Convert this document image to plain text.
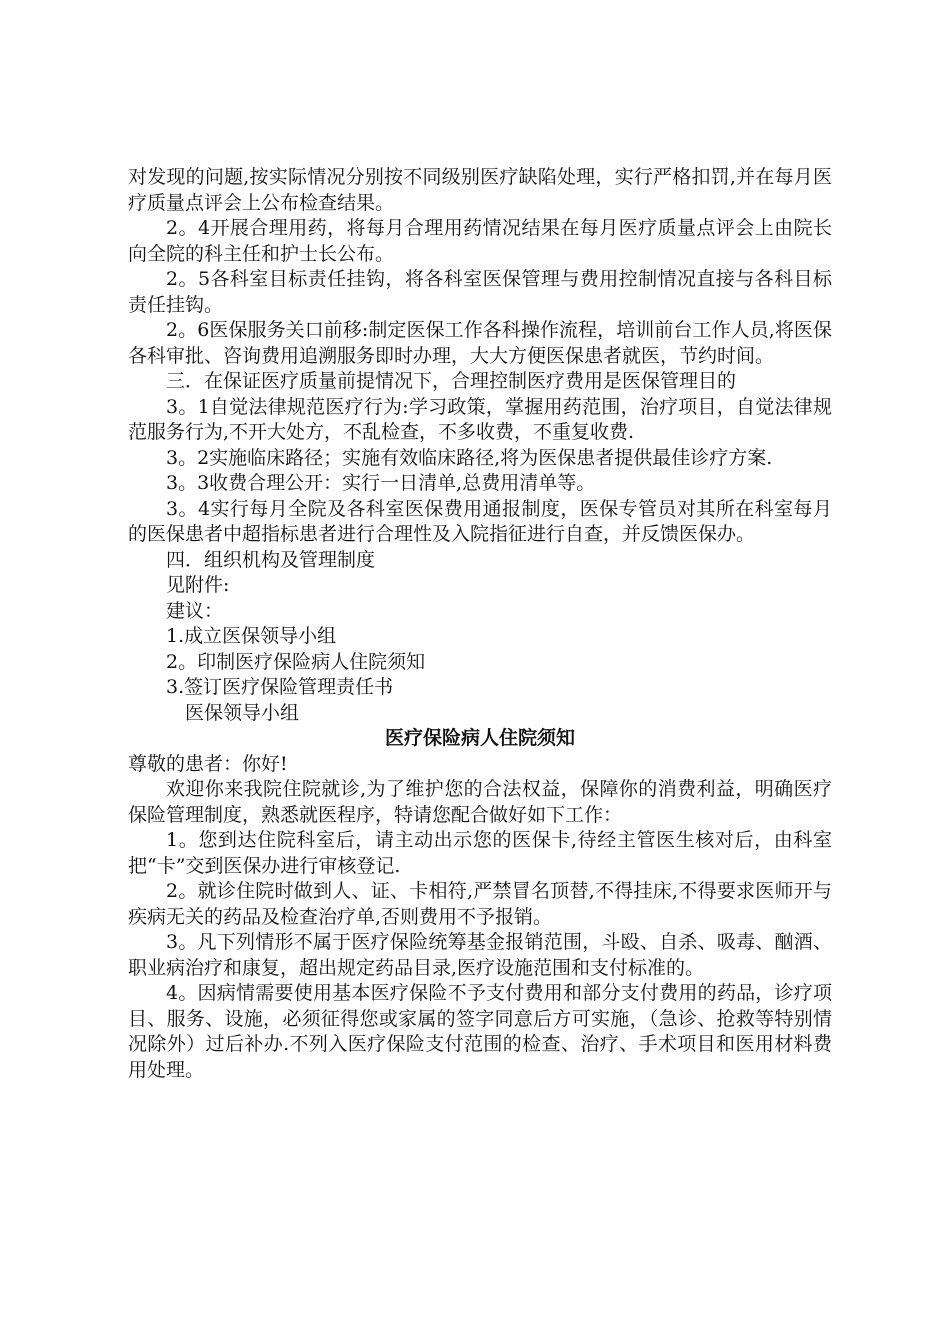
对发现的问题,按实际情况分别按不同级别医疗缺陷处理，实行严格扣罚,并在每月医疗质量点评会上公布检查结果。

2。4开展合理用药，将每月合理用药情况结果在每月医疗质量点评会上由院长向全院的科主任和护士长公布。

2。5各科室目标责任挂钩，将各科室医保管理与费用控制情况直接与各科目标责任挂钩。

2。6医保服务关口前移:制定医保工作各科操作流程，培训前台工作人员,将医保各科审批、咨询费用追溯服务即时办理，大大方便医保患者就医，节约时间。

三．在保证医疗质量前提情况下，合理控制医疗费用是医保管理目的

3。1自觉法律规范医疗行为:学习政策，掌握用药范围，治疗项目，自觉法律规范服务行为,不开大处方，不乱检查，不多收费，不重复收费.

3。2实施临床路径；实施有效临床路径,将为医保患者提供最佳诊疗方案.

3。3收费合理公开：实行一日清单,总费用清单等。

3。4实行每月全院及各科室医保费用通报制度，医保专管员对其所在科室每月的医保患者中超指标患者进行合理性及入院指征进行自查，并反馈医保办。

四．组织机构及管理制度

见附件:

建议：

1.成立医保领导小组

2。印制医疗保险病人住院须知

3.签订医疗保险管理责任书

医保领导小组

医疗保险病人住院须知

尊敬的患者：你好!

欢迎你来我院住院就诊,为了维护您的合法权益，保障你的消费利益，明确医疗保险管理制度，熟悉就医程序，特请您配合做好如下工作：

1。您到达住院科室后，请主动出示您的医保卡,待经主管医生核对后，由科室把“卡”交到医保办进行审核登记.

2。就诊住院时做到人、证、卡相符,严禁冒名顶替,不得挂床,不得要求医师开与疾病无关的药品及检查治疗单,否则费用不予报销。

3。凡下列情形不属于医疗保险统筹基金报销范围，斗殴、自杀、吸毒、酗酒、职业病治疗和康复，超出规定药品目录,医疗设施范围和支付标准的。

4。因病情需要使用基本医疗保险不予支付费用和部分支付费用的药品，诊疗项目、服务、设施，必须征得您或家属的签字同意后方可实施，（急诊、抢救等特别情况除外）过后补办.不列入医疗保险支付范围的检查、治疗、手术项目和医用材料费用处理。
